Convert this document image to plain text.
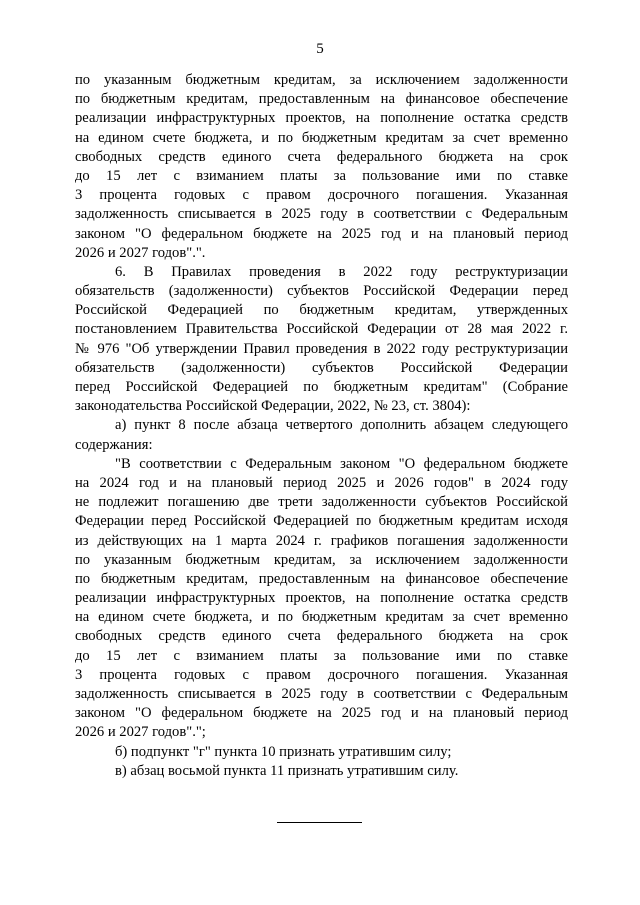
5
по указанным бюджетным кредитам, за исключением задолженности
по бюджетным кредитам, предоставленным на финансовое обеспечение
реализации инфраструктурных проектов, на пополнение остатка средств
на едином счете бюджета, и по бюджетным кредитам за счет временно
свободных средств единого счета федерального бюджета на срок
до 15 лет с взиманием платы за пользование ими по ставке
3 процента годовых с правом досрочного погашения. Указанная
задолженность списывается в 2025 году в соответствии с Федеральным
законом "О федеральном бюджете на 2025 год и на плановый период
2026 и 2027 годов".".
6. В Правилах проведения в 2022 году реструктуризации
обязательств (задолженности) субъектов Российской Федерации перед
Российской Федерацией по бюджетным кредитам, утвержденных
постановлением Правительства Российской Федерации от 28 мая 2022 г.
№ 976 "Об утверждении Правил проведения в 2022 году реструктуризации
обязательств (задолженности) субъектов Российской Федерации
перед Российской Федерацией по бюджетным кредитам" (Собрание
законодательства Российской Федерации, 2022, № 23, ст. 3804):
а) пункт 8 после абзаца четвертого дополнить абзацем следующего
содержания:
"В соответствии с Федеральным законом "О федеральном бюджете
на 2024 год и на плановый период 2025 и 2026 годов" в 2024 году
не подлежит погашению две трети задолженности субъектов Российской
Федерации перед Российской Федерацией по бюджетным кредитам исходя
из действующих на 1 марта 2024 г. графиков погашения задолженности
по указанным бюджетным кредитам, за исключением задолженности
по бюджетным кредитам, предоставленным на финансовое обеспечение
реализации инфраструктурных проектов, на пополнение остатка средств
на едином счете бюджета, и по бюджетным кредитам за счет временно
свободных средств единого счета федерального бюджета на срок
до 15 лет с взиманием платы за пользование ими по ставке
3 процента годовых с правом досрочного погашения. Указанная
задолженность списывается в 2025 году в соответствии с Федеральным
законом "О федеральном бюджете на 2025 год и на плановый период
2026 и 2027 годов".";
б) подпункт "г" пункта 10 признать утратившим силу;
в) абзац восьмой пункта 11 признать утратившим силу.
